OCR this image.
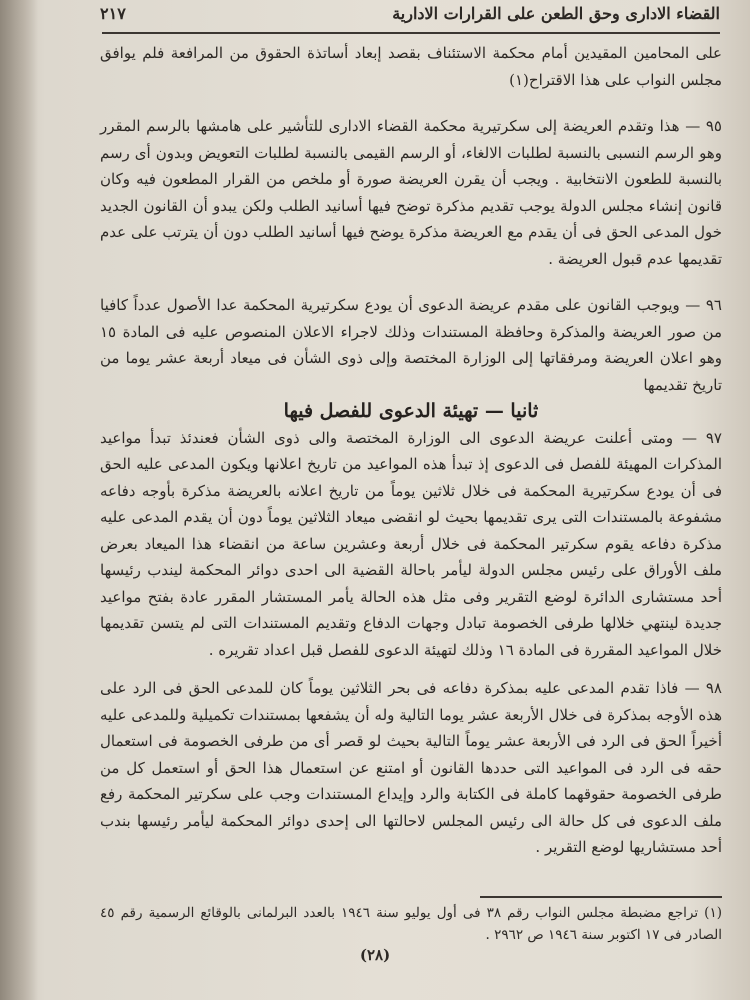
القضاء الادارى وحق الطعن على القرارات الادارية
٢١٧

على المحامين المقيدين أمام محكمة الاستئناف بقصد إبعاد أساتذة الحقوق من المرافعة فلم يوافق مجلس النواب على هذا الاقتراح(١)

٩٥ — هذا وتقدم العريضة إلى سكرتيرية محكمة القضاء الادارى للتأشير على هامشها بالرسم المقرر وهو الرسم النسبى بالنسبة لطلبات الالغاء، أو الرسم القيمى بالنسبة لطلبات التعويض وبدون أى رسم بالنسبة للطعون الانتخابية . ويجب أن يقرن العريضة صورة أو ملخص من القرار المطعون فيه وكان قانون إنشاء مجلس الدولة يوجب تقديم مذكرة توضح فيها أسانيد الطلب ولكن يبدو أن القانون الجديد خول المدعى الحق فى أن يقدم مع العريضة مذكرة يوضح فيها أسانيد الطلب دون أن يترتب على عدم تقديمها عدم قبول العريضة .

٩٦ — ويوجب القانون على مقدم عريضة الدعوى أن يودع سكرتيرية المحكمة عدا الأصول عدداً كافيا من صور العريضة والمذكرة وحافظة المستندات وذلك لاجراء الاعلان المنصوص عليه فى المادة ١٥ وهو اعلان العريضة ومرفقاتها إلى الوزارة المختصة وإلى ذوى الشأن فى ميعاد أربعة عشر يوما من تاريخ تقديمها

ثانيا — تهيئة الدعوى للفصل فيها

٩٧ — ومتى أعلنت عريضة الدعوى الى الوزارة المختصة والى ذوى الشأن فعندئذ تبدأ مواعيد المذكرات المهيئة للفصل فى الدعوى إذ تبدأ هذه المواعيد من تاريخ اعلانها ويكون المدعى عليه الحق فى أن يودع سكرتيرية المحكمة فى خلال ثلاثين يوماً من تاريخ اعلانه بالعريضة مذكرة بأوجه دفاعه مشفوعة بالمستندات التى يرى تقديمها بحيث لو انقضى ميعاد الثلاثين يوماً دون أن يقدم المدعى عليه مذكرة دفاعه يقوم سكرتير المحكمة فى خلال أربعة وعشرين ساعة من انقضاء هذا الميعاد بعرض ملف الأوراق على رئيس مجلس الدولة ليأمر باحالة القضية الى احدى دوائر المحكمة ليندب رئيسها أحد مستشارى الدائرة لوضع التقرير وفى مثل هذه الحالة يأمر المستشار المقرر عادة بفتح مواعيد جديدة لينتهي خلالها طرفى الخصومة تبادل وجهات الدفاع وتقديم المستندات التى لم يتسن تقديمها خلال المواعيد المقررة فى المادة ١٦ وذلك لتهيئة الدعوى للفصل قبل اعداد تقريره .

٩٨ — فاذا تقدم المدعى عليه بمذكرة دفاعه فى بحر الثلاثين يوماً كان للمدعى الحق فى الرد على هذه الأوجه بمذكرة فى خلال الأربعة عشر يوما التالية وله أن يشفعها بمستندات تكميلية وللمدعى عليه أخيراً الحق فى الرد فى الأربعة عشر يوماً التالية بحيث لو قصر أى من طرفى الخصومة فى استعمال حقه فى الرد فى المواعيد التى حددها القانون أو امتنع عن استعمال هذا الحق أو استعمل كل من طرفى الخصومة حقوقهما كاملة فى الكتابة والرد وإيداع المستندات وجب على سكرتير المحكمة رفع ملف الدعوى فى كل حالة الى رئيس المجلس لاحالتها الى إحدى دوائر المحكمة ليأمر رئيسها بندب أحد مستشاريها لوضع التقرير .

(١) تراجع مضبطة مجلس النواب رقم ٣٨ فى أول يوليو سنة ١٩٤٦ بالعدد البرلمانى بالوقائع الرسمية رقم ٤٥ الصادر فى ١٧ اكتوبر سنة ١٩٤٦ ص ٢٩٦٢ .
(٢٨)
